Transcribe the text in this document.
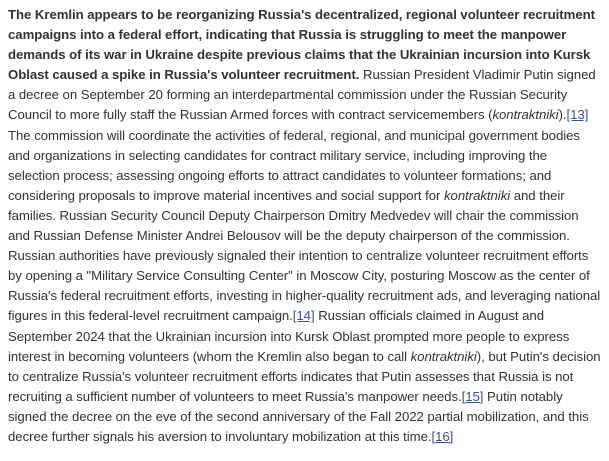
The Kremlin appears to be reorganizing Russia's decentralized, regional volunteer recruitment campaigns into a federal effort, indicating that Russia is struggling to meet the manpower demands of its war in Ukraine despite previous claims that the Ukrainian incursion into Kursk Oblast caused a spike in Russia's volunteer recruitment. Russian President Vladimir Putin signed a decree on September 20 forming an interdepartmental commission under the Russian Security Council to more fully staff the Russian Armed forces with contract servicemembers (kontraktniki).[13] The commission will coordinate the activities of federal, regional, and municipal government bodies and organizations in selecting candidates for contract military service, including improving the selection process; assessing ongoing efforts to attract candidates to volunteer formations; and considering proposals to improve material incentives and social support for kontraktniki and their families. Russian Security Council Deputy Chairperson Dmitry Medvedev will chair the commission and Russian Defense Minister Andrei Belousov will be the deputy chairperson of the commission. Russian authorities have previously signaled their intention to centralize volunteer recruitment efforts by opening a "Military Service Consulting Center" in Moscow City, posturing Moscow as the center of Russia's federal recruitment efforts, investing in higher-quality recruitment ads, and leveraging national figures in this federal-level recruitment campaign.[14] Russian officials claimed in August and September 2024 that the Ukrainian incursion into Kursk Oblast prompted more people to express interest in becoming volunteers (whom the Kremlin also began to call kontraktniki), but Putin's decision to centralize Russia's volunteer recruitment efforts indicates that Putin assesses that Russia is not recruiting a sufficient number of volunteers to meet Russia's manpower needs.[15] Putin notably signed the decree on the eve of the second anniversary of the Fall 2022 partial mobilization, and this decree further signals his aversion to involuntary mobilization at this time.[16]
